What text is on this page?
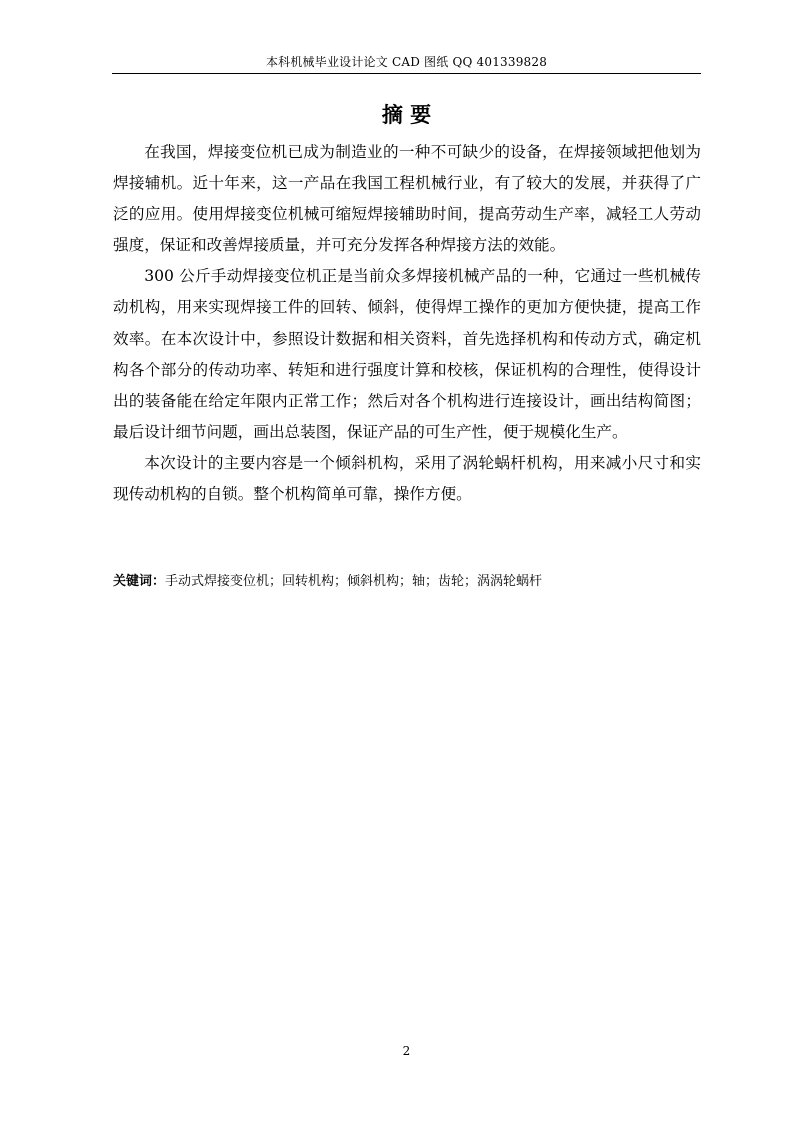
本科机械毕业设计论文 CAD 图纸 QQ 401339828
摘 要

在我国，焊接变位机已成为制造业的一种不可缺少的设备，在焊接领域把他划为焊接辅机。近十年来，这一产品在我国工程机械行业，有了较大的发展，并获得了广泛的应用。使用焊接变位机械可缩短焊接辅助时间，提高劳动生产率，减轻工人劳动强度，保证和改善焊接质量，并可充分发挥各种焊接方法的效能。

300 公斤手动焊接变位机正是当前众多焊接机械产品的一种，它通过一些机械传动机构，用来实现焊接工件的回转、倾斜，使得焊工操作的更加方便快捷，提高工作效率。在本次设计中，参照设计数据和相关资料，首先选择机构和传动方式，确定机构各个部分的传动功率、转矩和进行强度计算和校核，保证机构的合理性，使得设计出的装备能在给定年限内正常工作；然后对各个机构进行连接设计，画出结构简图；最后设计细节问题，画出总装图，保证产品的可生产性，便于规模化生产。

本次设计的主要内容是一个倾斜机构，采用了涡轮蜗杆机构，用来减小尺寸和实现传动机构的自锁。整个机构简单可靠，操作方便。

关键词：手动式焊接变位机；回转机构；倾斜机构；轴；齿轮；涡涡轮蜗杆
2
